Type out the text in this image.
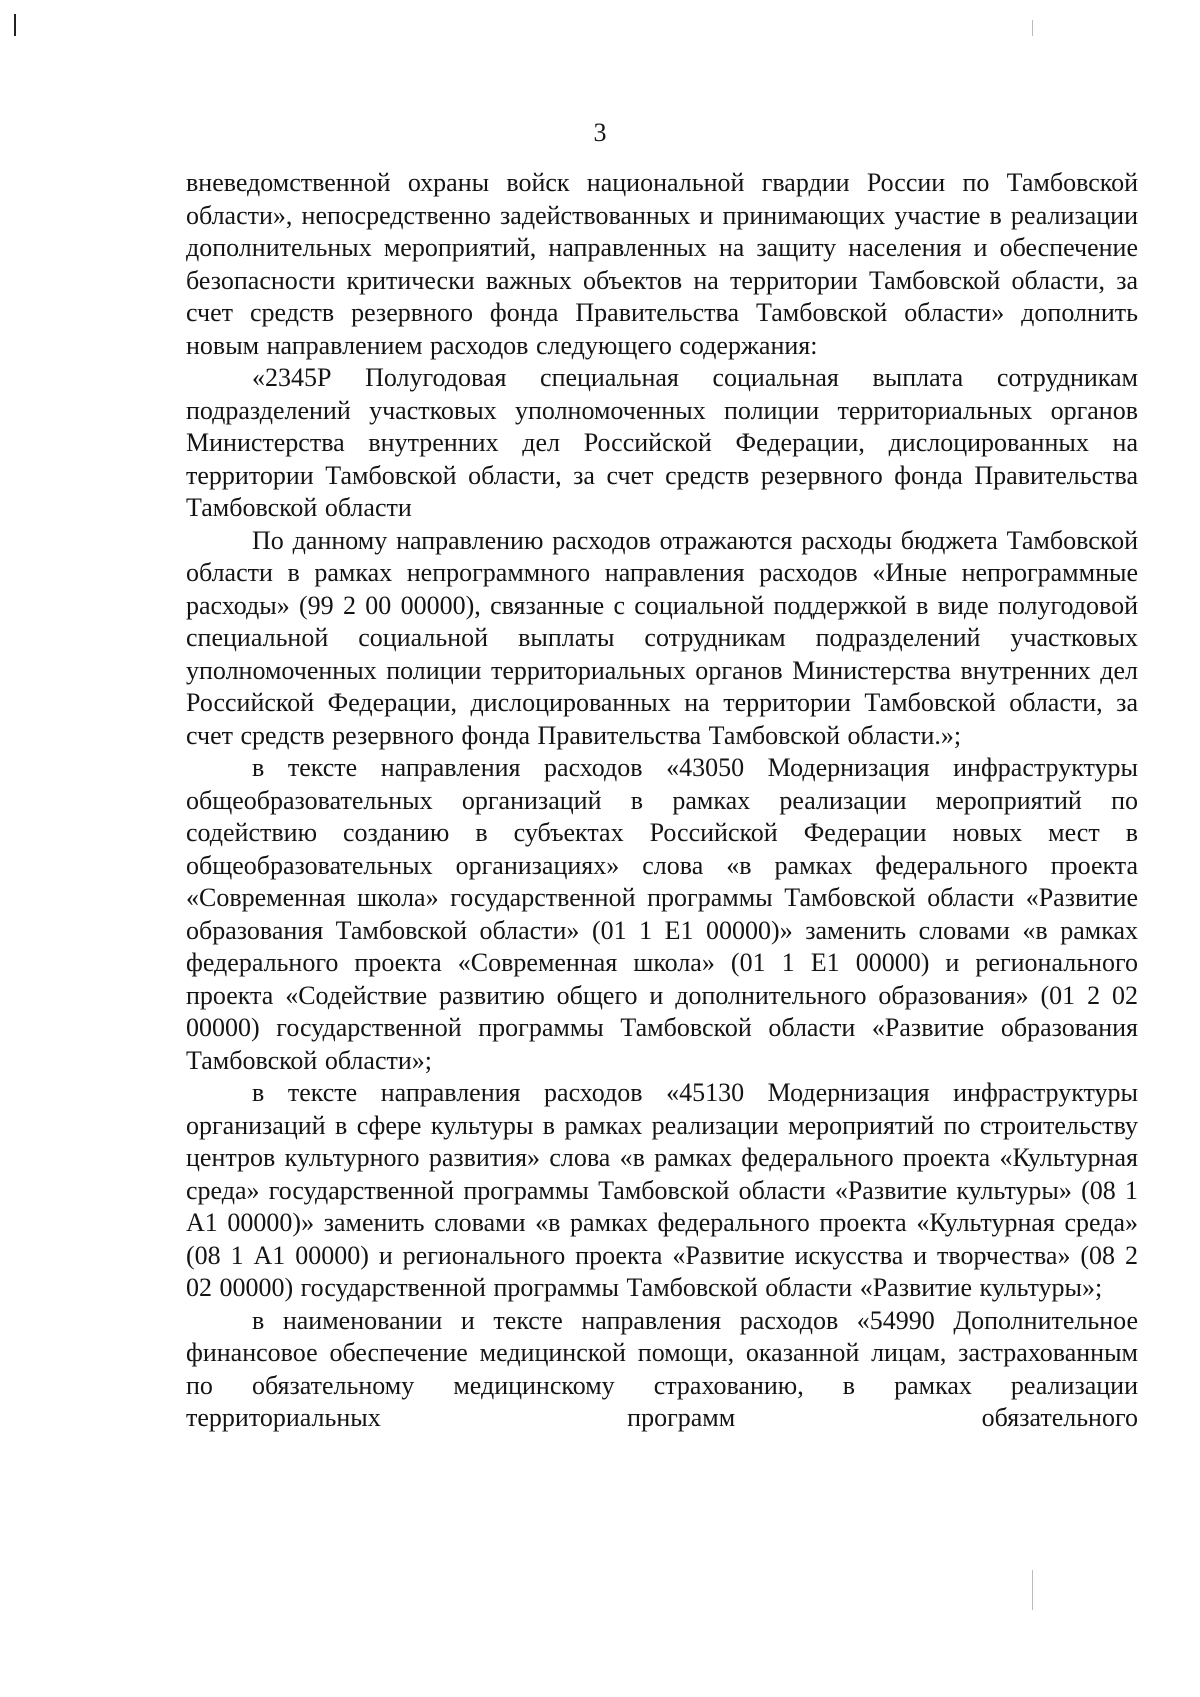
3

вневедомственной охраны войск национальной гвардии России по Тамбовской области», непосредственно задействованных и принимающих участие в реализации дополнительных мероприятий, направленных на защиту населения и обеспечение безопасности критически важных объектов на территории Тамбовской области, за счет средств резервного фонда Правительства Тамбовской области» дополнить новым направлением расходов следующего содержания:

«2345Р Полугодовая специальная социальная выплата сотрудникам подразделений участковых уполномоченных полиции территориальных органов Министерства внутренних дел Российской Федерации, дислоцированных на территории Тамбовской области, за счет средств резервного фонда Правительства Тамбовской области

По данному направлению расходов отражаются расходы бюджета Тамбовской области в рамках непрограммного направления расходов «Иные непрограммные расходы» (99 2 00 00000), связанные с социальной поддержкой в виде полугодовой специальной социальной выплаты сотрудникам подразделений участковых уполномоченных полиции территориальных органов Министерства внутренних дел Российской Федерации, дислоцированных на территории Тамбовской области, за счет средств резервного фонда Правительства Тамбовской области.»;

в тексте направления расходов «43050 Модернизация инфраструктуры общеобразовательных организаций в рамках реализации мероприятий по содействию созданию в субъектах Российской Федерации новых мест в общеобразовательных организациях» слова «в рамках федерального проекта «Современная школа» государственной программы Тамбовской области «Развитие образования Тамбовской области» (01 1 Е1 00000)» заменить словами «в рамках федерального проекта «Современная школа» (01 1 Е1 00000) и регионального проекта «Содействие развитию общего и дополнительного образования» (01 2 02 00000) государственной программы Тамбовской области «Развитие образования Тамбовской области»;

в тексте направления расходов «45130 Модернизация инфраструктуры организаций в сфере культуры в рамках реализации мероприятий по строительству центров культурного развития» слова «в рамках федерального проекта «Культурная среда» государственной программы Тамбовской области «Развитие культуры» (08 1 А1 00000)» заменить словами «в рамках федерального проекта «Культурная среда» (08 1 А1 00000) и регионального проекта «Развитие искусства и творчества» (08 2 02 00000) государственной программы Тамбовской области «Развитие культуры»;

в наименовании и тексте направления расходов «54990 Дополнительное финансовое обеспечение медицинской помощи, оказанной лицам, застрахованным по обязательному медицинскому страхованию, в рамках реализации территориальных программ обязательного
